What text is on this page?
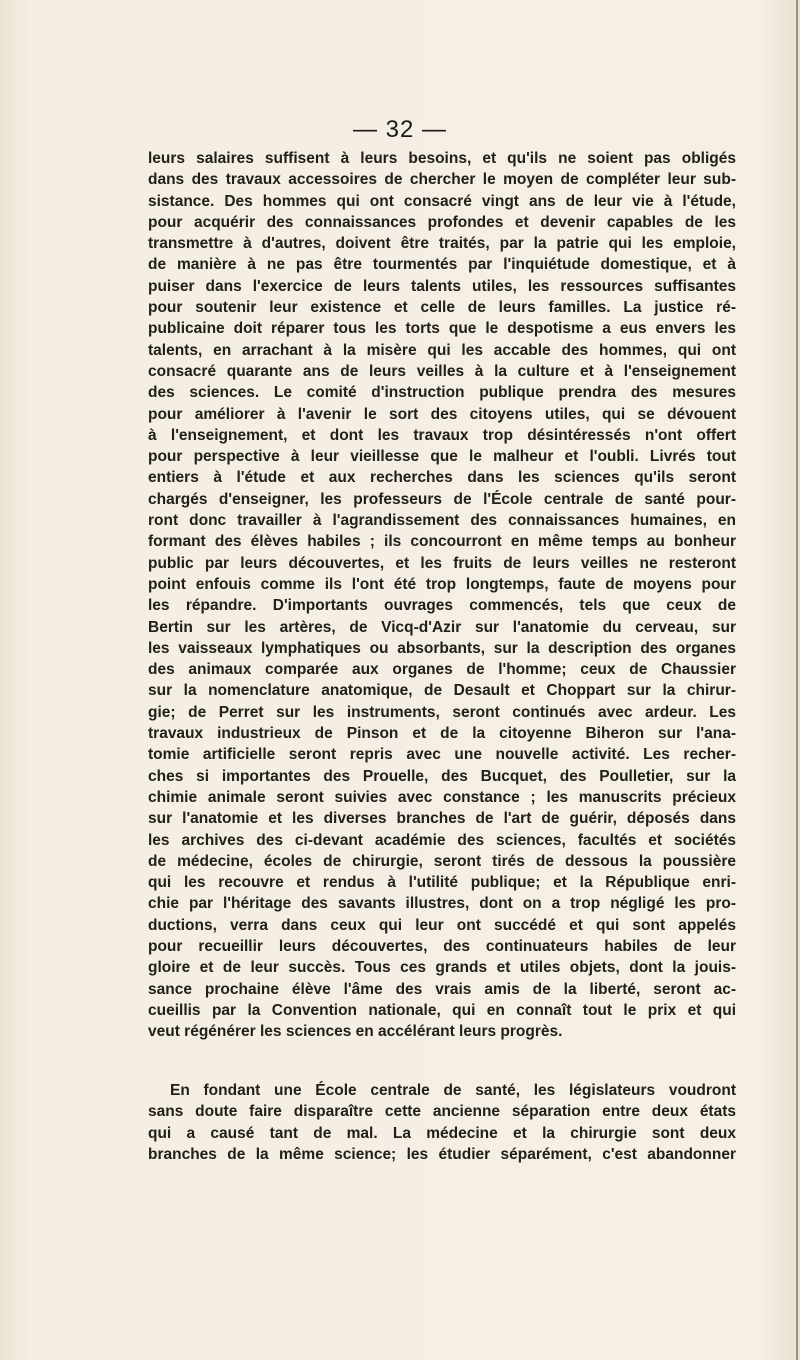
— 32 —
leurs salaires suffisent à leurs besoins, et qu'ils ne soient pas obligés
dans des travaux accessoires de chercher le moyen de compléter leur sub-
sistance. Des hommes qui ont consacré vingt ans de leur vie à l'étude,
pour acquérir des connaissances profondes et devenir capables de les
transmettre à d'autres, doivent être traités, par la patrie qui les emploie,
de manière à ne pas être tourmentés par l'inquiétude domestique, et à
puiser dans l'exercice de leurs talents utiles, les ressources suffisantes
pour soutenir leur existence et celle de leurs familles. La justice ré-
publicaine doit réparer tous les torts que le despotisme a eus envers les
talents, en arrachant à la misère qui les accable des hommes, qui ont
consacré quarante ans de leurs veilles à la culture et à l'enseignement
des sciences. Le comité d'instruction publique prendra des mesures
pour améliorer à l'avenir le sort des citoyens utiles, qui se dévouent
à l'enseignement, et dont les travaux trop désintéressés n'ont offert
pour perspective à leur vieillesse que le malheur et l'oubli. Livrés tout
entiers à l'étude et aux recherches dans les sciences qu'ils seront
chargés d'enseigner, les professeurs de l'École centrale de santé pour-
ront donc travailler à l'agrandissement des connaissances humaines, en
formant des élèves habiles ; ils concourront en même temps au bonheur
public par leurs découvertes, et les fruits de leurs veilles ne resteront
point enfouis comme ils l'ont été trop longtemps, faute de moyens pour
les répandre. D'importants ouvrages commencés, tels que ceux de
Bertin sur les artères, de Vicq-d'Azir sur l'anatomie du cerveau, sur
les vaisseaux lymphatiques ou absorbants, sur la description des organes
des animaux comparée aux organes de l'homme; ceux de Chaussier
sur la nomenclature anatomique, de Desault et Choppart sur la chirur-
gie; de Perret sur les instruments, seront continués avec ardeur. Les
travaux industrieux de Pinson et de la citoyenne Biheron sur l'ana-
tomie artificielle seront repris avec une nouvelle activité. Les recher-
ches si importantes des Prouelle, des Bucquet, des Poulletier, sur la
chimie animale seront suivies avec constance ; les manuscrits précieux
sur l'anatomie et les diverses branches de l'art de guérir, déposés dans
les archives des ci-devant académie des sciences, facultés et sociétés
de médecine, écoles de chirurgie, seront tirés de dessous la poussière
qui les recouvre et rendus à l'utilité publique; et la République enri-
chie par l'héritage des savants illustres, dont on a trop négligé les pro-
ductions, verra dans ceux qui leur ont succédé et qui sont appelés
pour recueillir leurs découvertes, des continuateurs habiles de leur
gloire et de leur succès. Tous ces grands et utiles objets, dont la jouis-
sance prochaine élève l'âme des vrais amis de la liberté, seront ac-
cueillis par la Convention nationale, qui en connaît tout le prix et qui
veut régénérer les sciences en accélérant leurs progrès.
En fondant une École centrale de santé, les législateurs voudront
sans doute faire disparaître cette ancienne séparation entre deux états
qui a causé tant de mal. La médecine et la chirurgie sont deux
branches de la même science; les étudier séparément, c'est abandonner
